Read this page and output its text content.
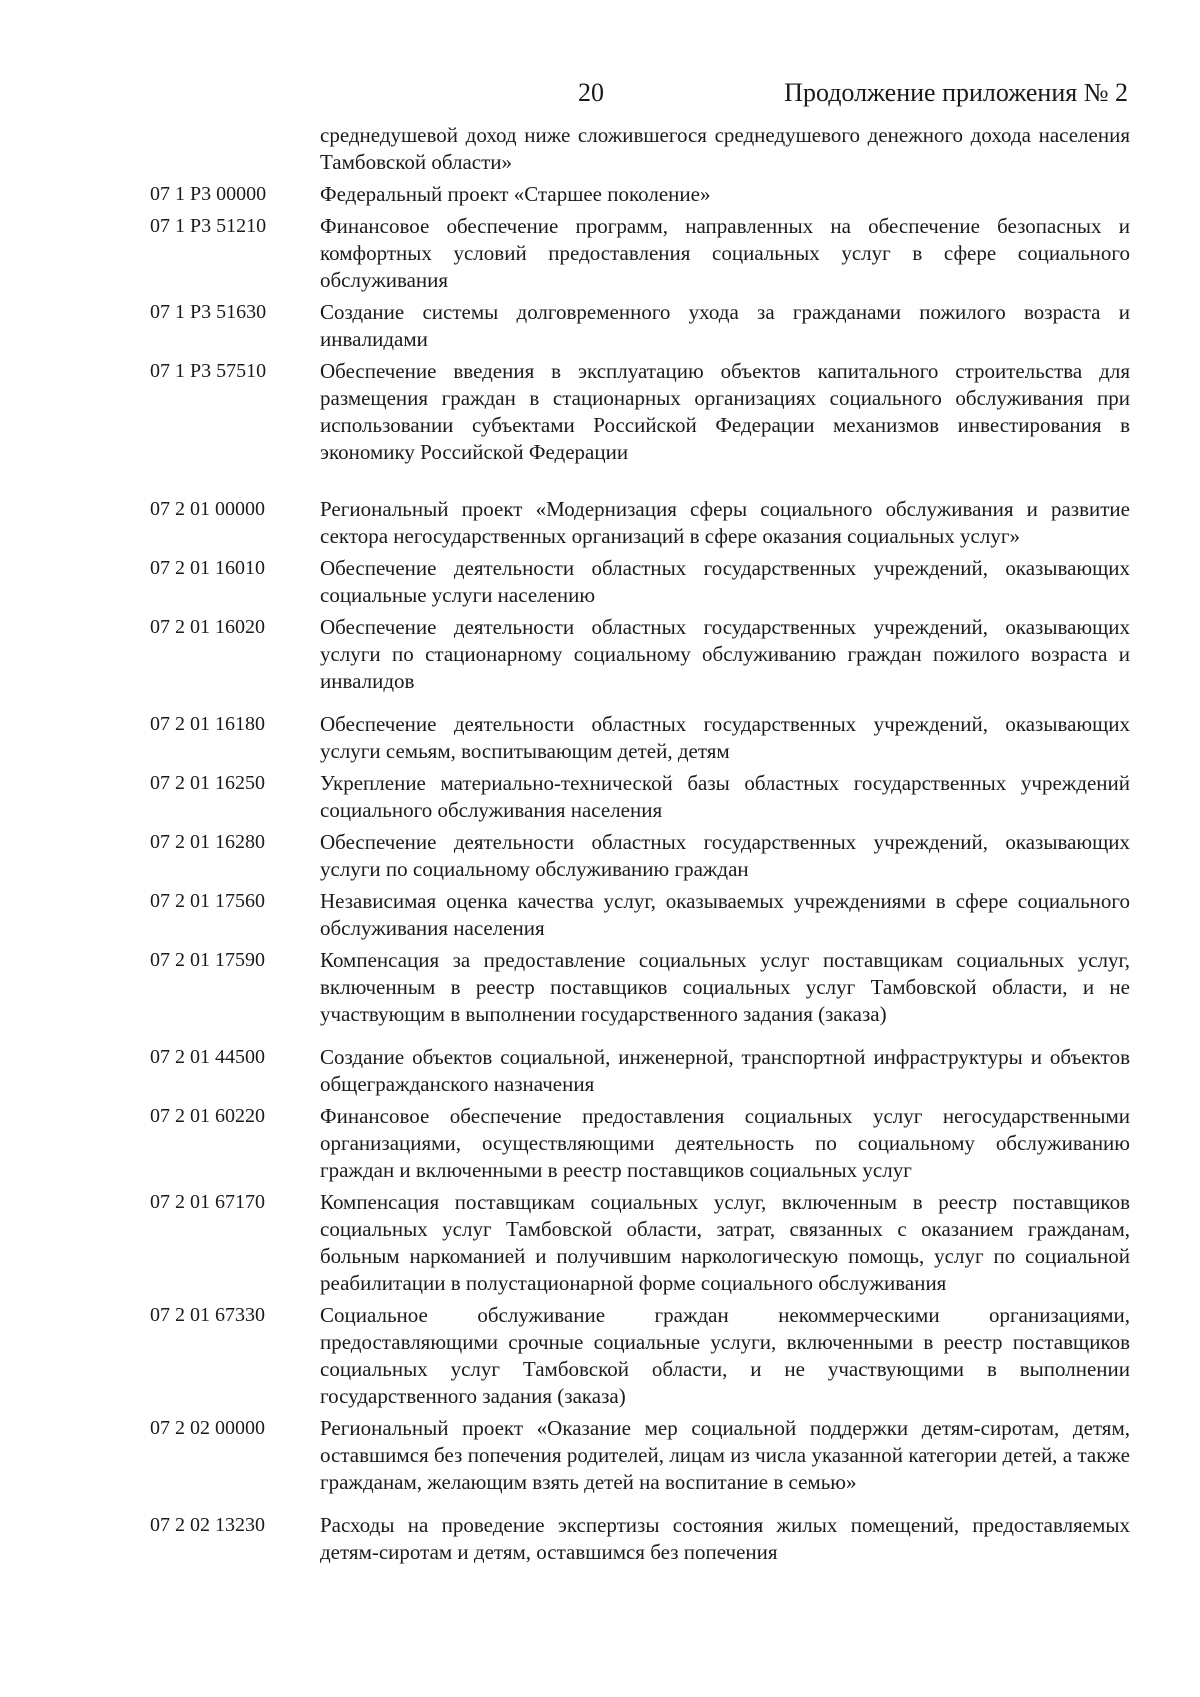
20	Продолжение приложения № 2
среднедушевой доход ниже сложившегося среднедушевого денежного дохода населения Тамбовской области»
07 1 P3 00000	Федеральный проект «Старшее поколение»
07 1 P3 51210	Финансовое обеспечение программ, направленных на обеспечение безопасных и комфортных условий предоставления социальных услуг в сфере социального обслуживания
07 1 P3 51630	Создание системы долговременного ухода за гражданами пожилого возраста и инвалидами
07 1 P3 57510	Обеспечение введения в эксплуатацию объектов капитального строительства для размещения граждан в стационарных организациях социального обслуживания при использовании субъектами Российской Федерации механизмов инвестирования в экономику Российской Федерации
07 2 01 00000	Региональный проект «Модернизация сферы социального обслуживания и развитие сектора негосударственных организаций в сфере оказания социальных услуг»
07 2 01 16010	Обеспечение деятельности областных государственных учреждений, оказывающих социальные услуги населению
07 2 01 16020	Обеспечение деятельности областных государственных учреждений, оказывающих услуги по стационарному социальному обслуживанию граждан пожилого возраста и инвалидов
07 2 01 16180	Обеспечение деятельности областных государственных учреждений, оказывающих услуги семьям, воспитывающим детей, детям
07 2 01 16250	Укрепление материально-технической базы областных государственных учреждений социального обслуживания населения
07 2 01 16280	Обеспечение деятельности областных государственных учреждений, оказывающих услуги по социальному обслуживанию граждан
07 2 01 17560	Независимая оценка качества услуг, оказываемых учреждениями в сфере социального обслуживания населения
07 2 01 17590	Компенсация за предоставление социальных услуг поставщикам социальных услуг, включенным в реестр поставщиков социальных услуг Тамбовской области, и не участвующим в выполнении государственного задания (заказа)
07 2 01 44500	Создание объектов социальной, инженерной, транспортной инфраструктуры и объектов общегражданского назначения
07 2 01 60220	Финансовое обеспечение предоставления социальных услуг негосударственными организациями, осуществляющими деятельность по социальному обслуживанию граждан и включенными в реестр поставщиков социальных услуг
07 2 01 67170	Компенсация поставщикам социальных услуг, включенным в реестр поставщиков социальных услуг Тамбовской области, затрат, связанных с оказанием гражданам, больным наркоманией и получившим наркологическую помощь, услуг по социальной реабилитации в полустационарной форме социального обслуживания
07 2 01 67330	Социальное обслуживание граждан некоммерческими организациями, предоставляющими срочные социальные услуги, включенными в реестр поставщиков социальных услуг Тамбовской области, и не участвующими в выполнении государственного задания (заказа)
07 2 02 00000	Региональный проект «Оказание мер социальной поддержки детям-сиротам, детям, оставшимся без попечения родителей, лицам из числа указанной категории детей, а также гражданам, желающим взять детей на воспитание в семью»
07 2 02 13230	Расходы на проведение экспертизы состояния жилых помещений, предоставляемых детям-сиротам и детям, оставшимся без попечения
